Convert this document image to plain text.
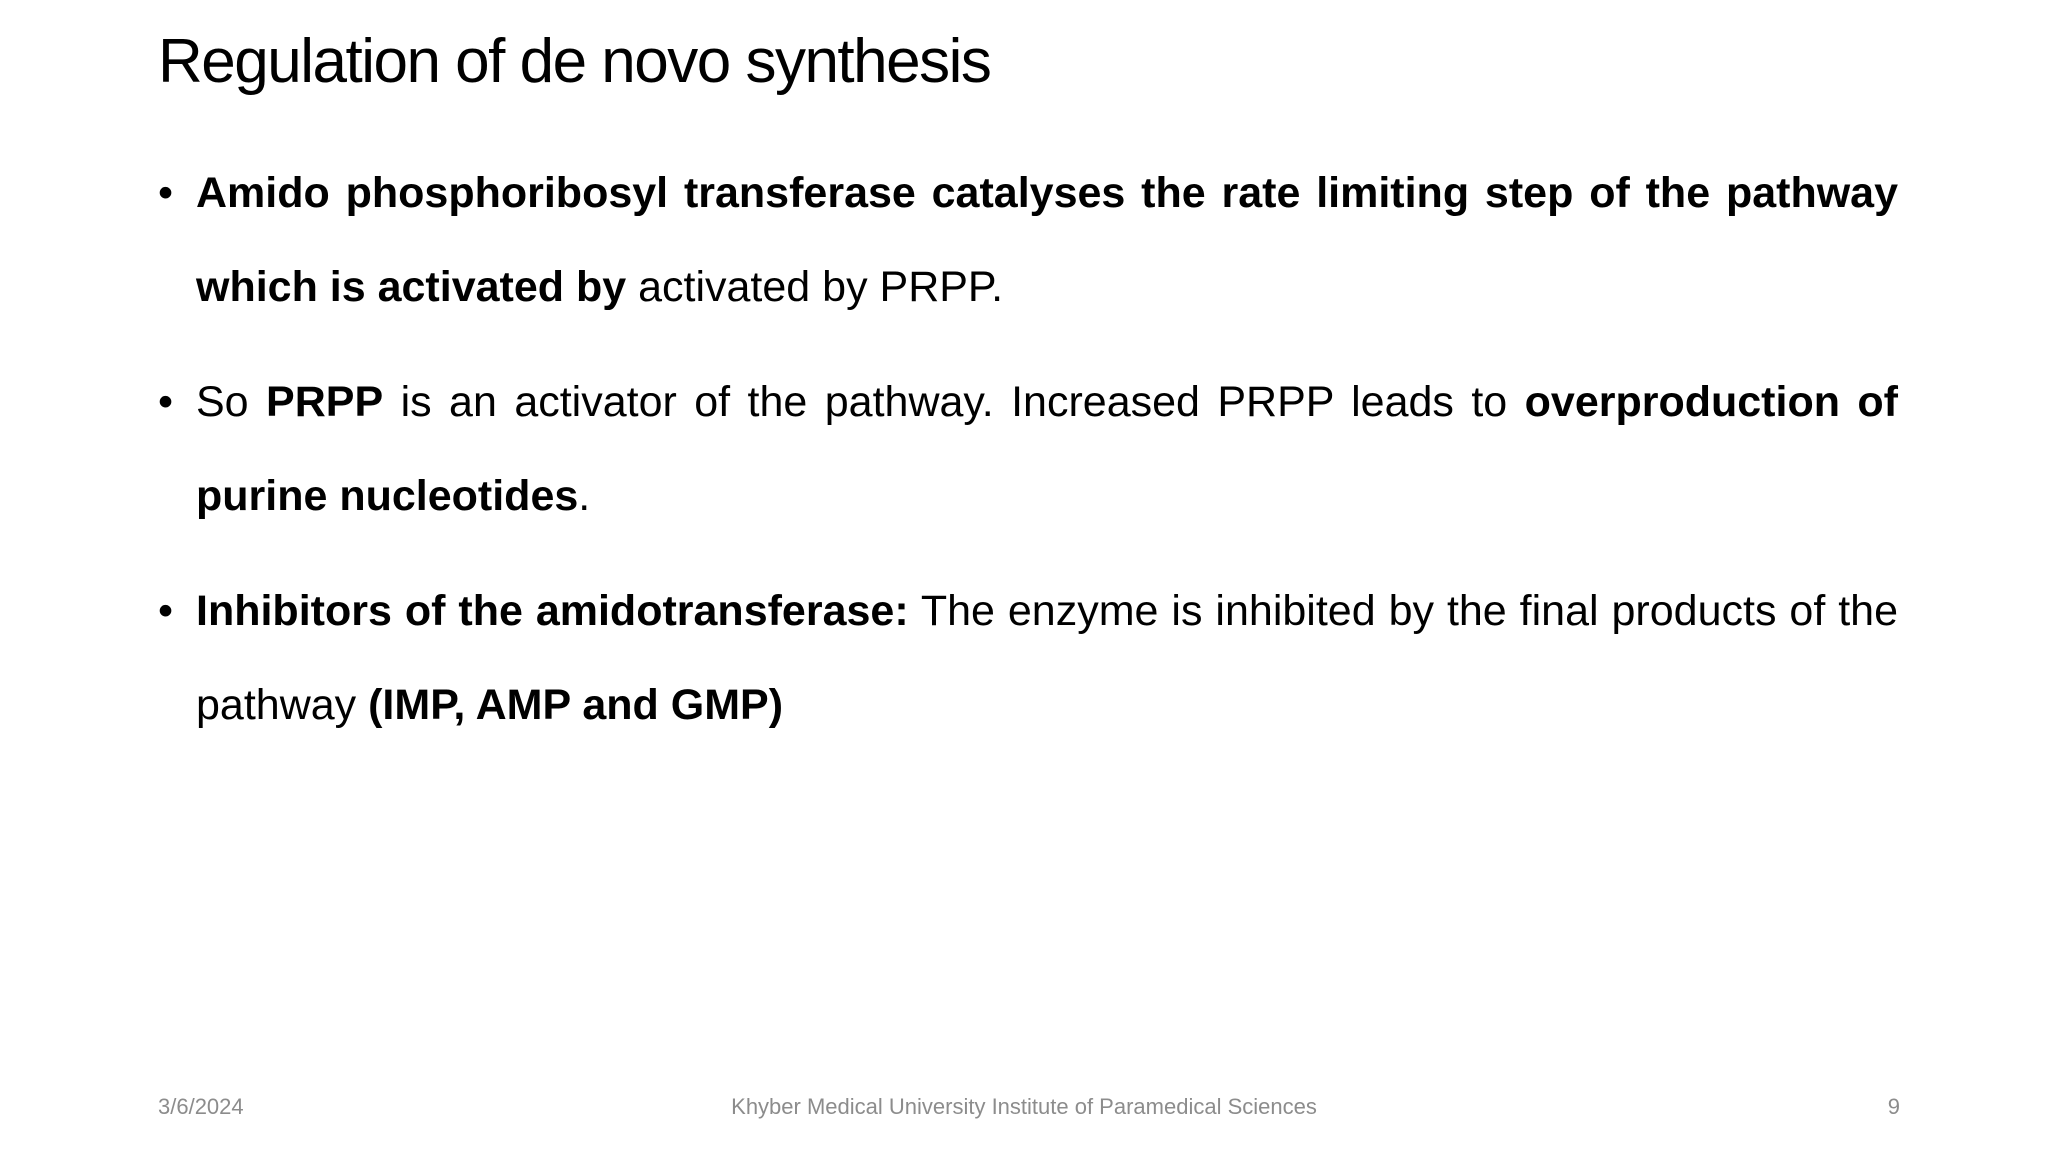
Regulation of de novo synthesis
• Amido phosphoribosyl transferase catalyses the rate limiting step of the pathway which is activated by activated by PRPP.
• So PRPP is an activator of the pathway. Increased PRPP leads to overproduction of purine nucleotides.
• Inhibitors of the amidotransferase: The enzyme is inhibited by the final products of the pathway (IMP, AMP and GMP)
3/6/2024	Khyber Medical University Institute of Paramedical Sciences	9
